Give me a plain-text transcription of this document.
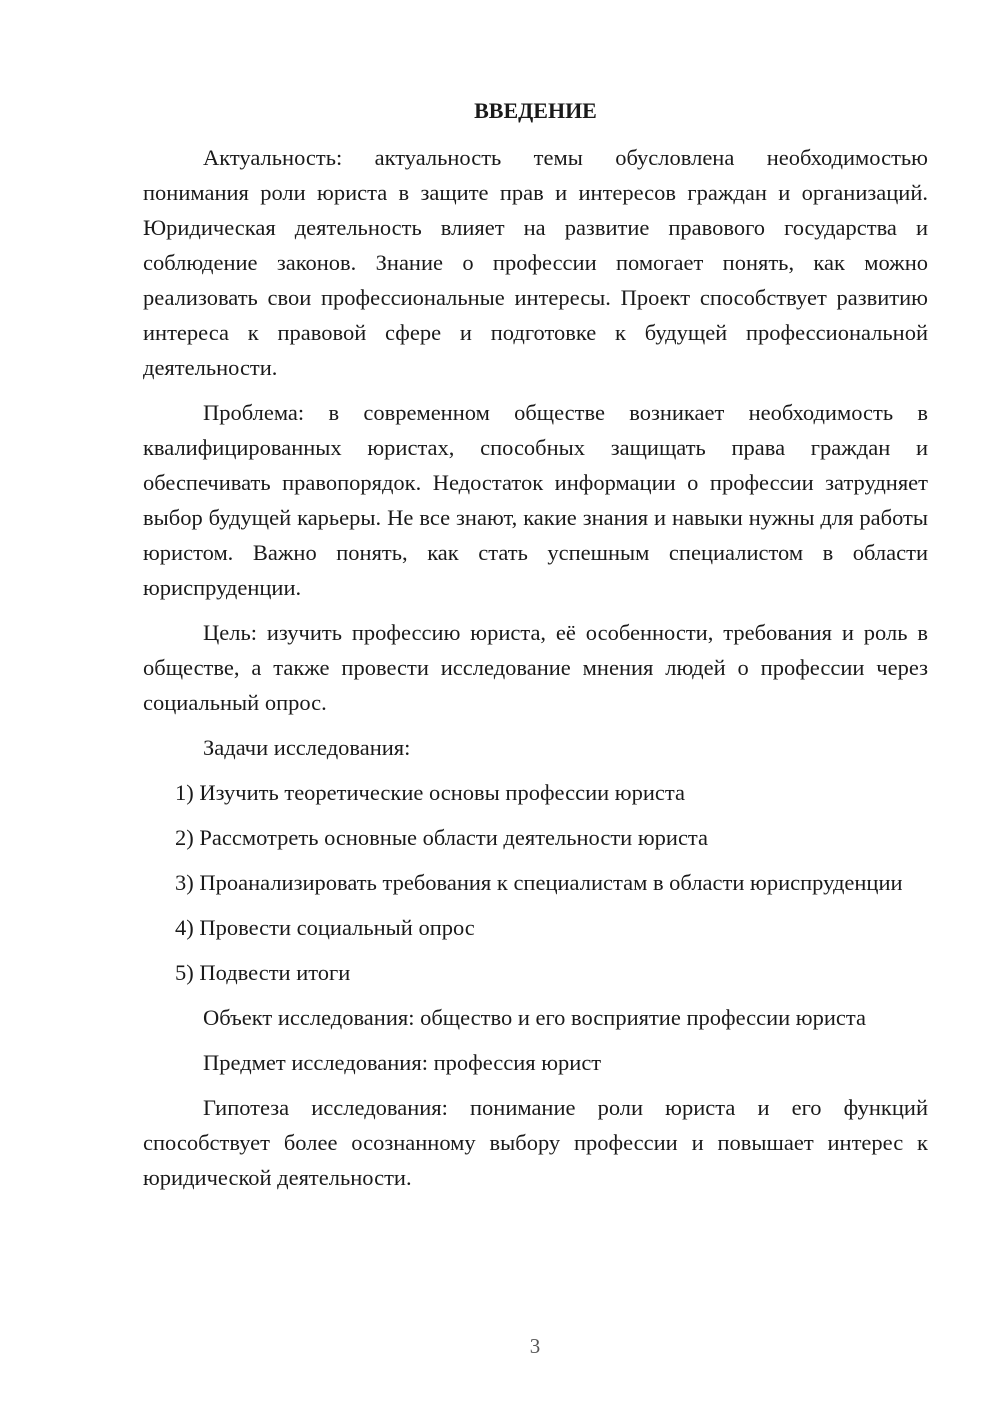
ВВЕДЕНИЕ

Актуальность: актуальность темы обусловлена необходимостью понимания роли юриста в защите прав и интересов граждан и организаций. Юридическая деятельность влияет на развитие правового государства и соблюдение законов. Знание о профессии помогает понять, как можно реализовать свои профессиональные интересы. Проект способствует развитию интереса к правовой сфере и подготовке к будущей профессиональной деятельности.

Проблема: в современном обществе возникает необходимость в квалифицированных юристах, способных защищать права граждан и обеспечивать правопорядок. Недостаток информации о профессии затрудняет выбор будущей карьеры. Не все знают, какие знания и навыки нужны для работы юристом. Важно понять, как стать успешным специалистом в области юриспруденции.

Цель: изучить профессию юриста, её особенности, требования и роль в обществе, а также провести исследование мнения людей о профессии через социальный опрос.

Задачи исследования:

1) Изучить теоретические основы профессии юриста

2) Рассмотреть основные области деятельности юриста

3) Проанализировать требования к специалистам в области юриспруденции

4) Провести социальный опрос

5) Подвести итоги

Объект исследования: общество и его восприятие профессии юриста

Предмет исследования: профессия юрист

Гипотеза исследования: понимание роли юриста и его функций способствует более осознанному выбору профессии и повышает интерес к юридической деятельности.

3
